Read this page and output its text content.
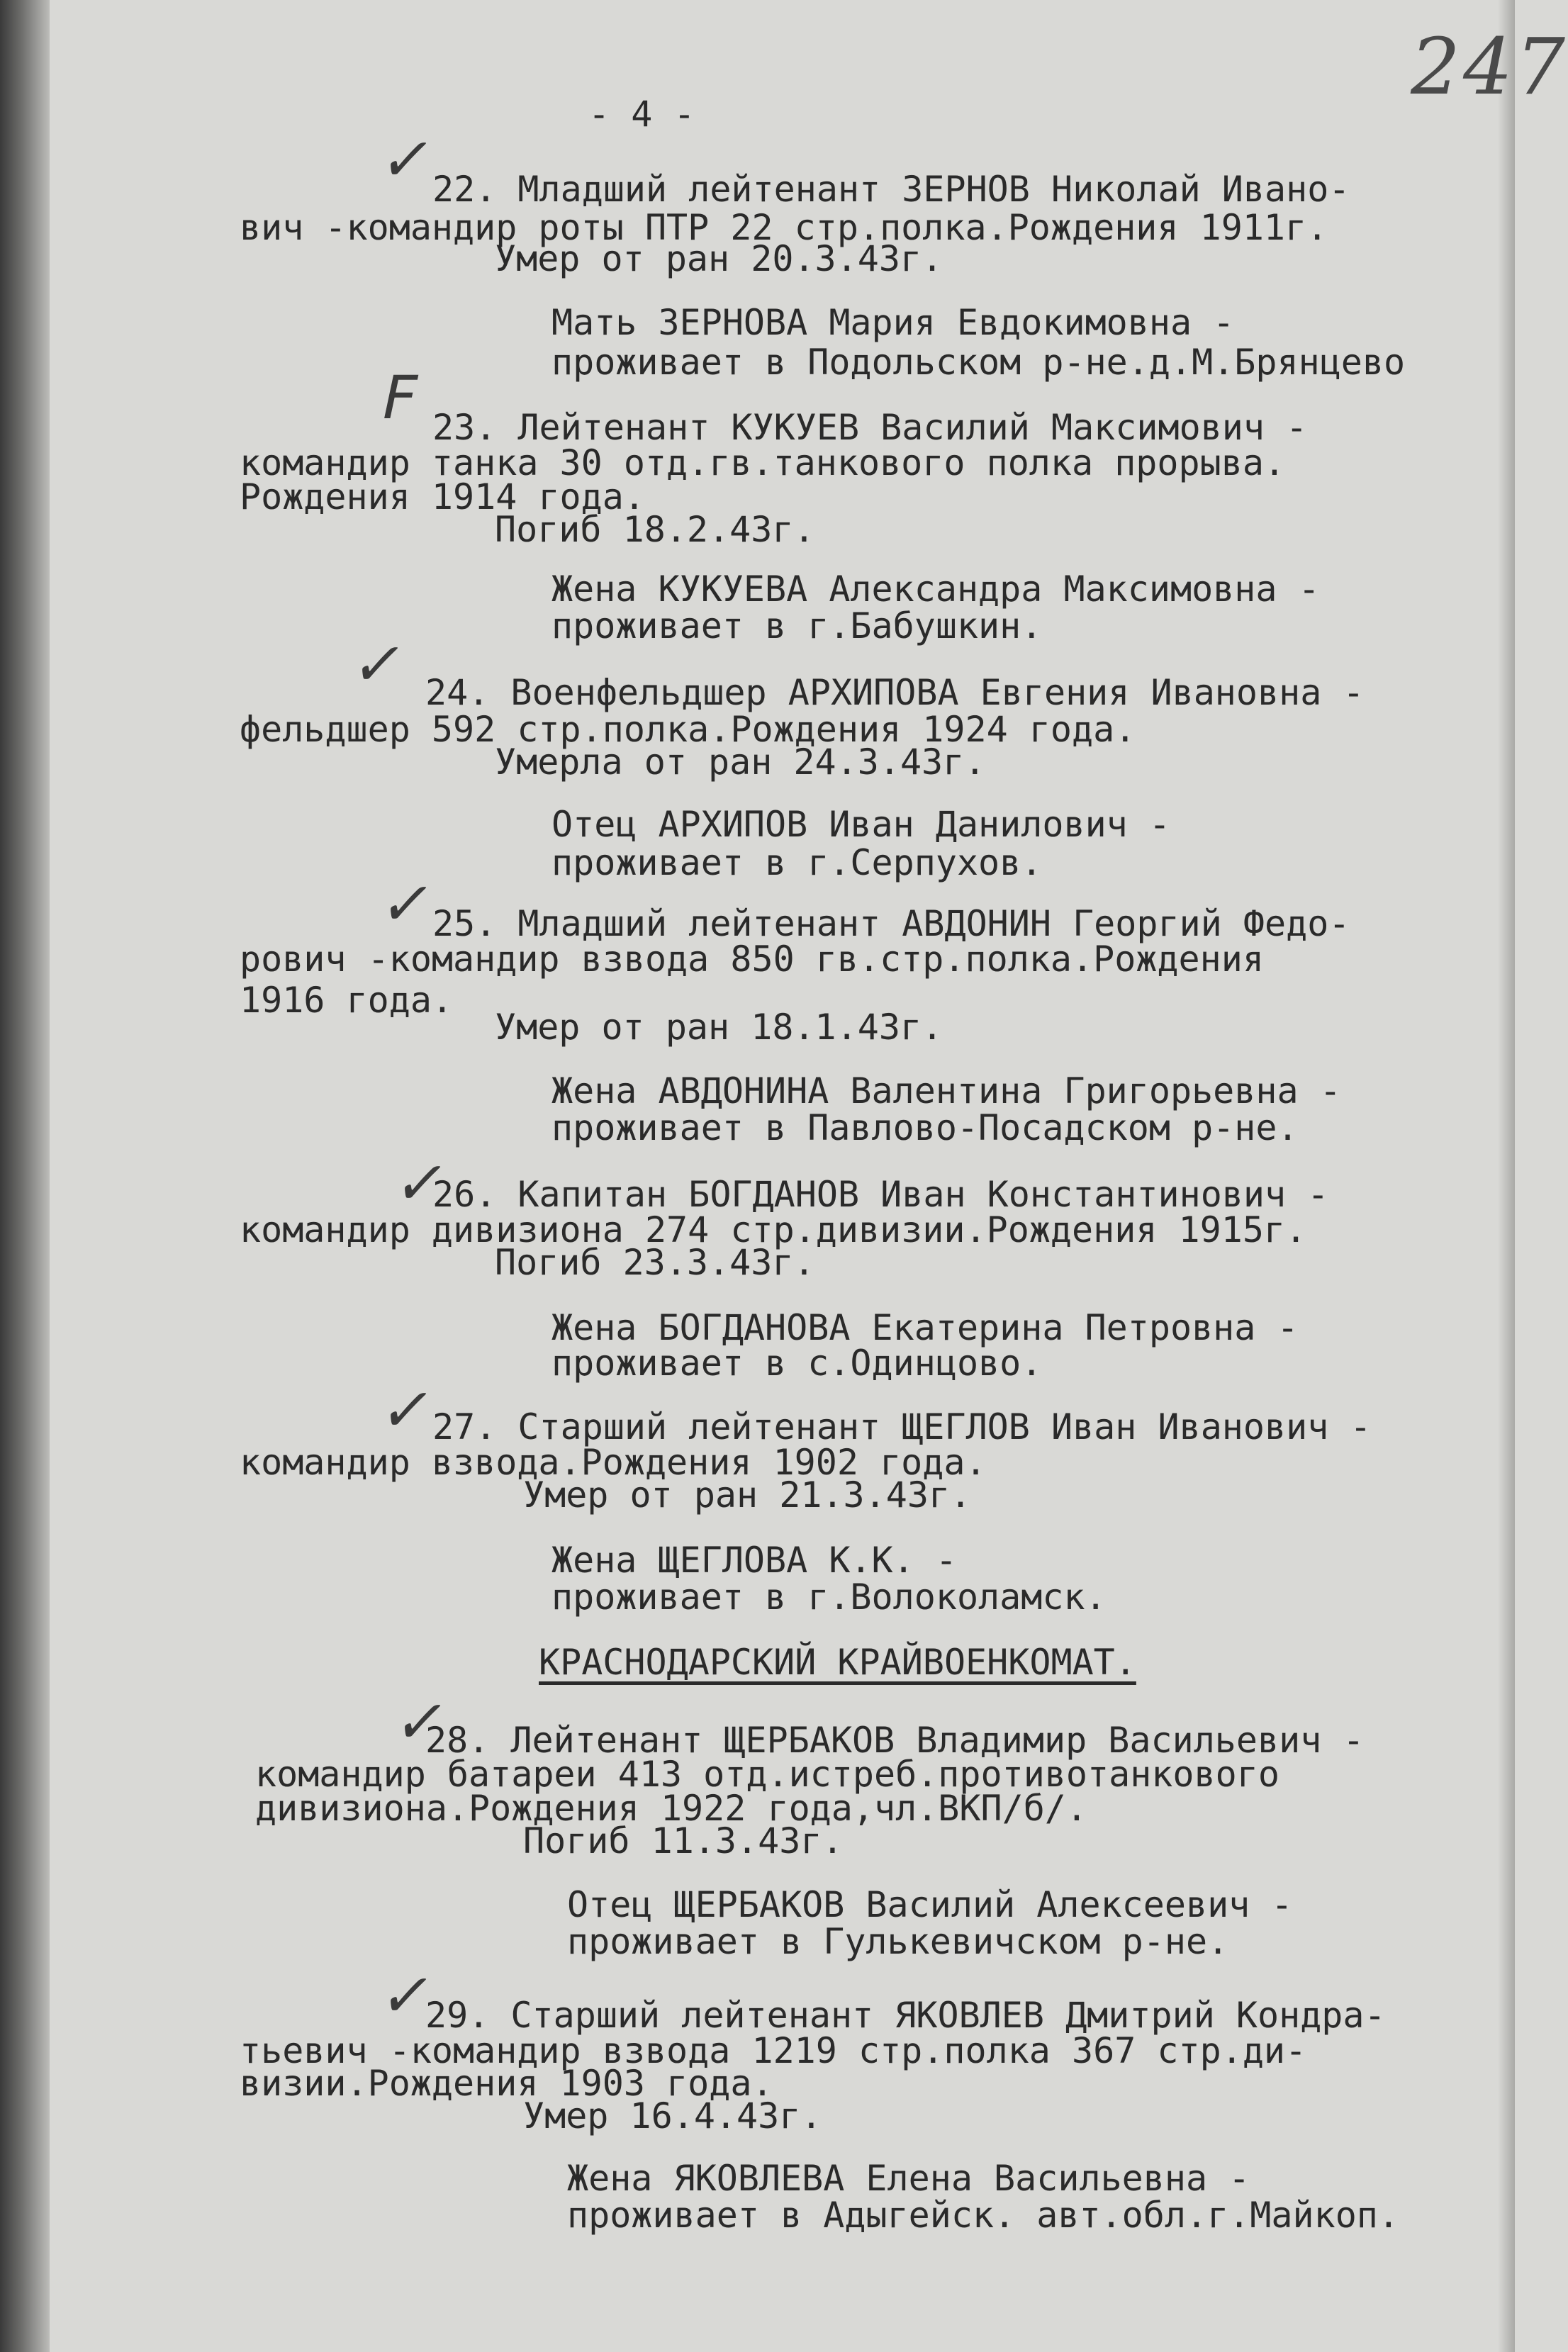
247
- 4 -
✓
22. Младший лейтенант ЗЕРНОВ Николай Ивано-
вич -командир роты ПТР 22 стр.полка.Рождения 1911г.
Умер от ран 20.3.43г.
Мать ЗЕРНОВА Мария Евдокимовна -
проживает в Подольском р-не.д.М.Брянцево
F 23. Лейтенант КУКУЕВ Василий Максимович -
командир танка 30 отд.гв.танкового полка прорыва.
Рождения 1914 года.
Погиб 18.2.43г.
Жена КУКУЕВА Александра Максимовна -
проживает в г.Бабушкин.
✓ 24. Военфельдшер АРХИПОВА Евгения Ивановна -
фельдшер 592 стр.полка.Рождения 1924 года.
Умерла от ран 24.3.43г.
Отец АРХИПОВ Иван Данилович -
проживает в г.Серпухов.
✓
25. Младший лейтенант АВДОНИН Георгий Федо-
рович -командир взвода 850 гв.стр.полка.Рождения
1916 года.
Умер от ран 18.1.43г.
Жена АВДОНИНА Валентина Григорьевна -
проживает в Павлово-Посадском р-не.
✓
26. Капитан БОГДАНОВ Иван Константинович -
командир дивизиона 274 стр.дивизии.Рождения 1915г.
Погиб 23.3.43г.
Жена БОГДАНОВА Екатерина Петровна -
проживает в с.Одинцово.
✓
27. Старший лейтенант ЩЕГЛОВ Иван Иванович -
командир взвода.Рождения 1902 года.
Умер от ран 21.3.43г.
Жена ЩЕГЛОВА К.К. -
проживает в г.Волоколамск.
КРАСНОДАРСКИЙ КРАЙВОЕНКОМАТ.
✓
28. Лейтенант ЩЕРБАКОВ Владимир Васильевич -
командир батареи 413 отд.истреб.противотанкового
дивизиона.Рождения 1922 года,чл.ВКП/б/.
Погиб 11.3.43г.
Отец ЩЕРБАКОВ Василий Алексеевич -
проживает в Гулькевичском р-не.
✓
29. Старший лейтенант ЯКОВЛЕВ Дмитрий Кондра-
тьевич -командир взвода 1219 стр.полка 367 стр.ди-
визии.Рождения 1903 года.
Умер 16.4.43г.
Жена ЯКОВЛЕВА Елена Васильевна -
проживает в Адыгейск. авт.обл.г.Майкоп.
